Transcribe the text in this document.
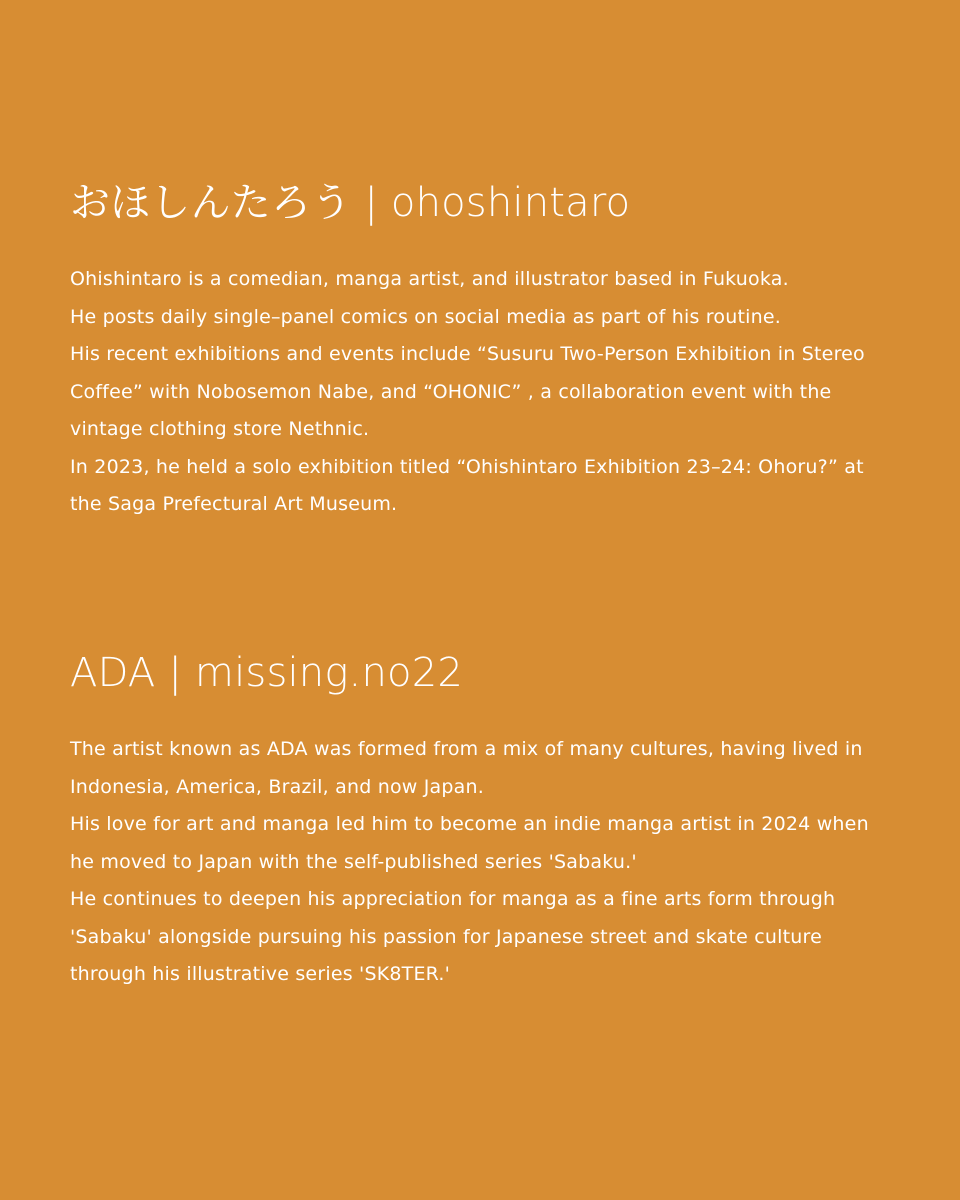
おほしんたろう | ohoshintaro
Ohishintaro is a comedian, manga artist, and illustrator based in Fukuoka.
He posts daily single–panel comics on social media as part of his routine.
His recent exhibitions and events include “Susuru Two-Person Exhibition in Stereo
Coffee” with Nobosemon Nabe, and “OHONIC” , a collaboration event with the
vintage clothing store Nethnic.
In 2023, he held a solo exhibition titled “Ohishintaro Exhibition 23–24: Ohoru?” at
the Saga Prefectural Art Museum.
ADA | missing.no22
The artist known as ADA was formed from a mix of many cultures, having lived in
Indonesia, America, Brazil, and now Japan.
His love for art and manga led him to become an indie manga artist in 2024 when
he moved to Japan with the self-published series 'Sabaku.'
He continues to deepen his appreciation for manga as a fine arts form through
'Sabaku' alongside pursuing his passion for Japanese street and skate culture
through his illustrative series 'SK8TER.'
